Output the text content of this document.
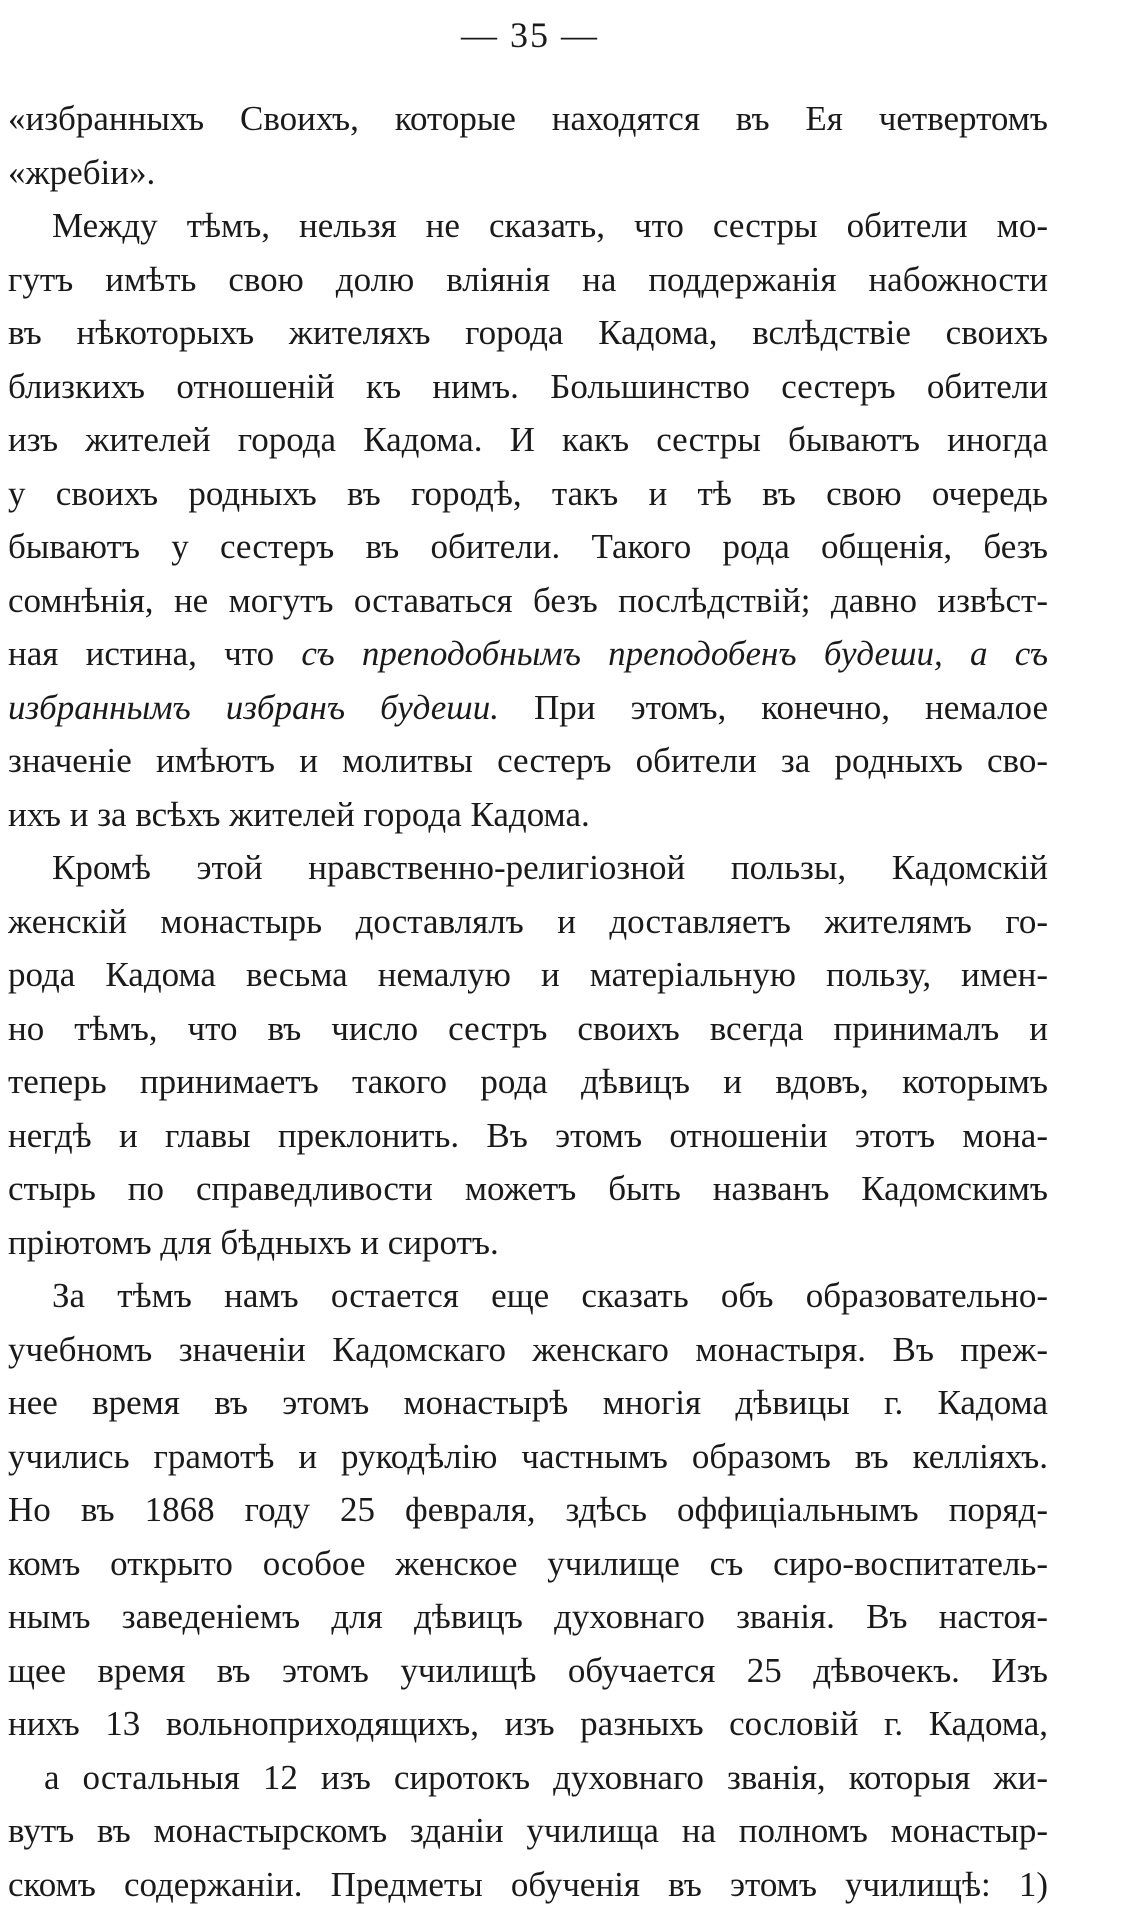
— 35 —
«избранныхъ Своихъ, которые находятся въ Ея четвертомъ
«жребіи».
Между тѣмъ, нельзя не сказать, что сестры обители мо-
гутъ имѣть свою долю вліянія на поддержанія набожности
въ нѣкоторыхъ жителяхъ города Кадома, вслѣдствіе своихъ
близкихъ отношеній къ нимъ. Большинство сестеръ обители
изъ жителей города Кадома. И какъ сестры бываютъ иногда
у своихъ родныхъ въ городѣ, такъ и тѣ въ свою очередь
бываютъ у сестеръ въ обители. Такого рода общенія, безъ
сомнѣнія, не могутъ оставаться безъ послѣдствій; давно извѣст-
ная истина, что съ преподобнымъ преподобенъ будеши, а съ
избраннымъ избранъ будеши. При этомъ, конечно, немалое
значеніе имѣютъ и молитвы сестеръ обители за родныхъ сво-
ихъ и за всѣхъ жителей города Кадома.
Кромѣ этой нравственно-религіозной пользы, Кадомскій
женскій монастырь доставлялъ и доставляетъ жителямъ го-
рода Кадома весьма немалую и матеріальную пользу, имен-
но тѣмъ, что въ число сестръ своихъ всегда принималъ и
теперь принимаетъ такого рода дѣвицъ и вдовъ, которымъ
негдѣ и главы преклонить. Въ этомъ отношеніи этотъ мона-
стырь по справедливости можетъ быть названъ Кадомскимъ
пріютомъ для бѣдныхъ и сиротъ.
За тѣмъ намъ остается еще сказать объ образовательно-
учебномъ значеніи Кадомскаго женскаго монастыря. Въ преж-
нее время въ этомъ монастырѣ многія дѣвицы г. Кадома
учились грамотѣ и рукодѣлію частнымъ образомъ въ келліяхъ.
Но въ 1868 году 25 февраля, здѣсь оффиціальнымъ поряд-
комъ открыто особое женское училище съ сиро-воспитатель-
нымъ заведеніемъ для дѣвицъ духовнаго званія. Въ настоя-
щее время въ этомъ училищѣ обучается 25 дѣвочекъ. Изъ
нихъ 13 вольноприходящихъ, изъ разныхъ сословій г. Кадома,
а остальныя 12 изъ сиротокъ духовнаго званія, которыя жи-
вутъ въ монастырскомъ зданіи училища на полномъ монастыр-
скомъ содержаніи. Предметы обученія въ этомъ училищѣ: 1)
